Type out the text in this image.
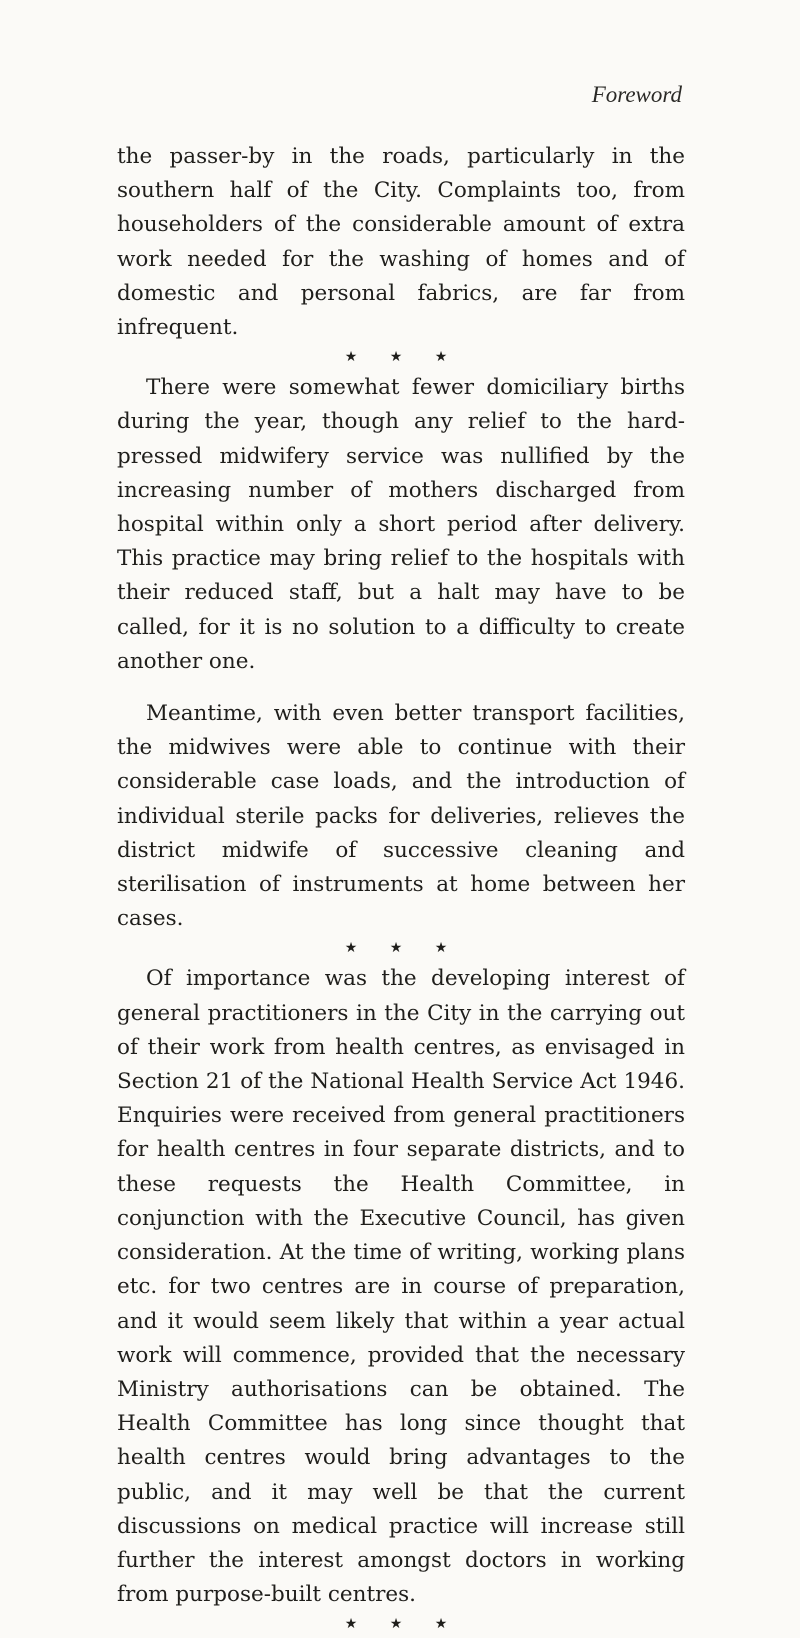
Foreword

the passer-by in the roads, particularly in the southern half of the City. Complaints too, from householders of the considerable amount of extra work needed for the washing of homes and of domestic and personal fabrics, are far from infrequent.

★ ★ ★

There were somewhat fewer domiciliary births during the year, though any relief to the hard-pressed midwifery service was nullified by the increasing number of mothers discharged from hospital within only a short period after delivery. This practice may bring relief to the hospitals with their reduced staff, but a halt may have to be called, for it is no solution to a difficulty to create another one.

Meantime, with even better transport facilities, the midwives were able to continue with their considerable case loads, and the introduction of individual sterile packs for deliveries, relieves the district midwife of successive cleaning and sterilisation of instruments at home between her cases.

★ ★ ★

Of importance was the developing interest of general practitioners in the City in the carrying out of their work from health centres, as envisaged in Section 21 of the National Health Service Act 1946. Enquiries were received from general practitioners for health centres in four separate districts, and to these requests the Health Committee, in conjunction with the Executive Council, has given consideration. At the time of writing, working plans etc. for two centres are in course of preparation, and it would seem likely that within a year actual work will commence, provided that the necessary Ministry authorisations can be obtained. The Health Committee has long since thought that health centres would bring advantages to the public, and it may well be that the current discussions on medical practice will increase still further the interest amongst doctors in working from purpose-built centres.

★ ★ ★
